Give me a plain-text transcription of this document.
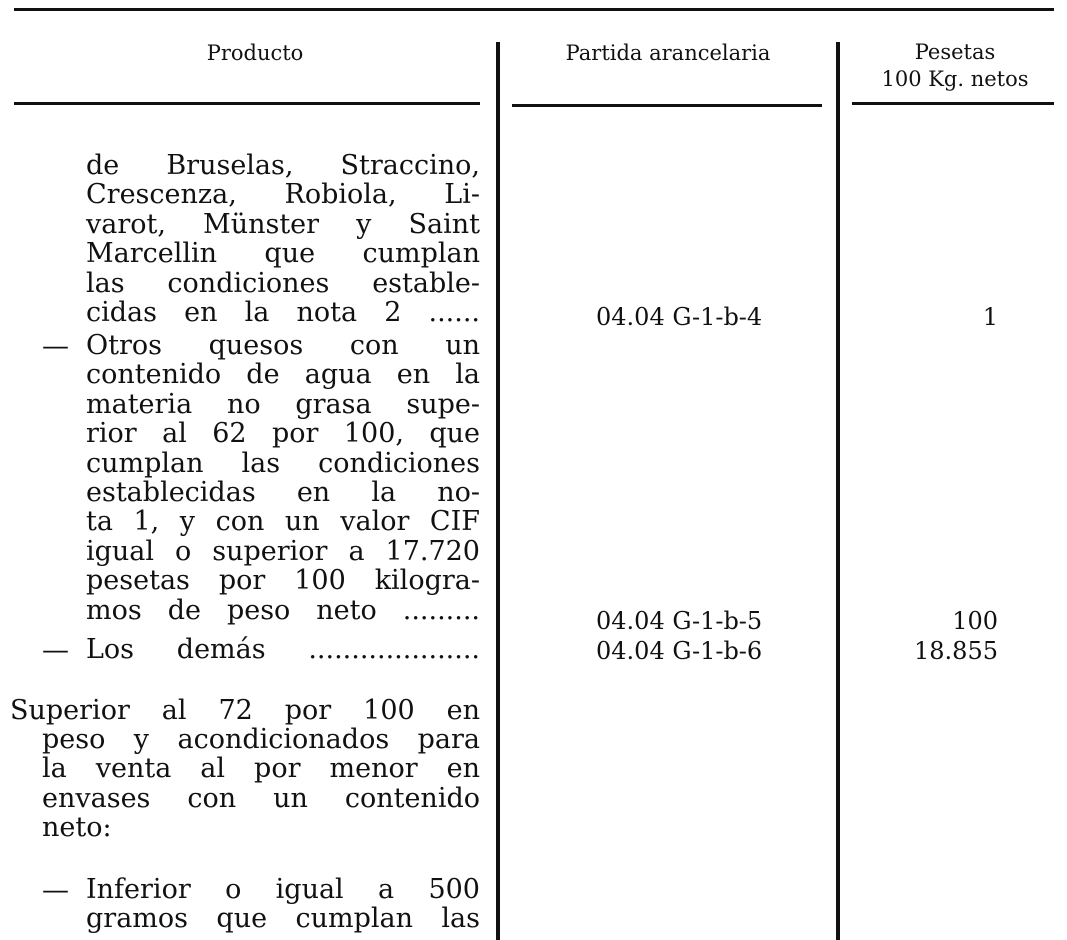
Producto	Partida arancelaria	Pesetas
100 Kg. netos
de Bruselas, Straccino,
Crescenza, Robiola, Li-
varot, Münster y Saint
Marcellin que cumplan
las condiciones estable-
cidas en la nota 2 ......	04.04 G-1-b-4	1
— Otros quesos con un
contenido de agua en la
materia no grasa supe-
rior al 62 por 100, que
cumplan las condiciones
establecidas en la no-
ta 1, y con un valor CIF
igual o superior a 17.720
pesetas por 100 kilogra-
mos de peso neto .........	04.04 G-1-b-5	100
— Los demás ....................	04.04 G-1-b-6	18.855
Superior al 72 por 100 en
peso y acondicionados para
la venta al por menor en
envases con un contenido
neto:
— Inferior o igual a 500
gramos que cumplan las
